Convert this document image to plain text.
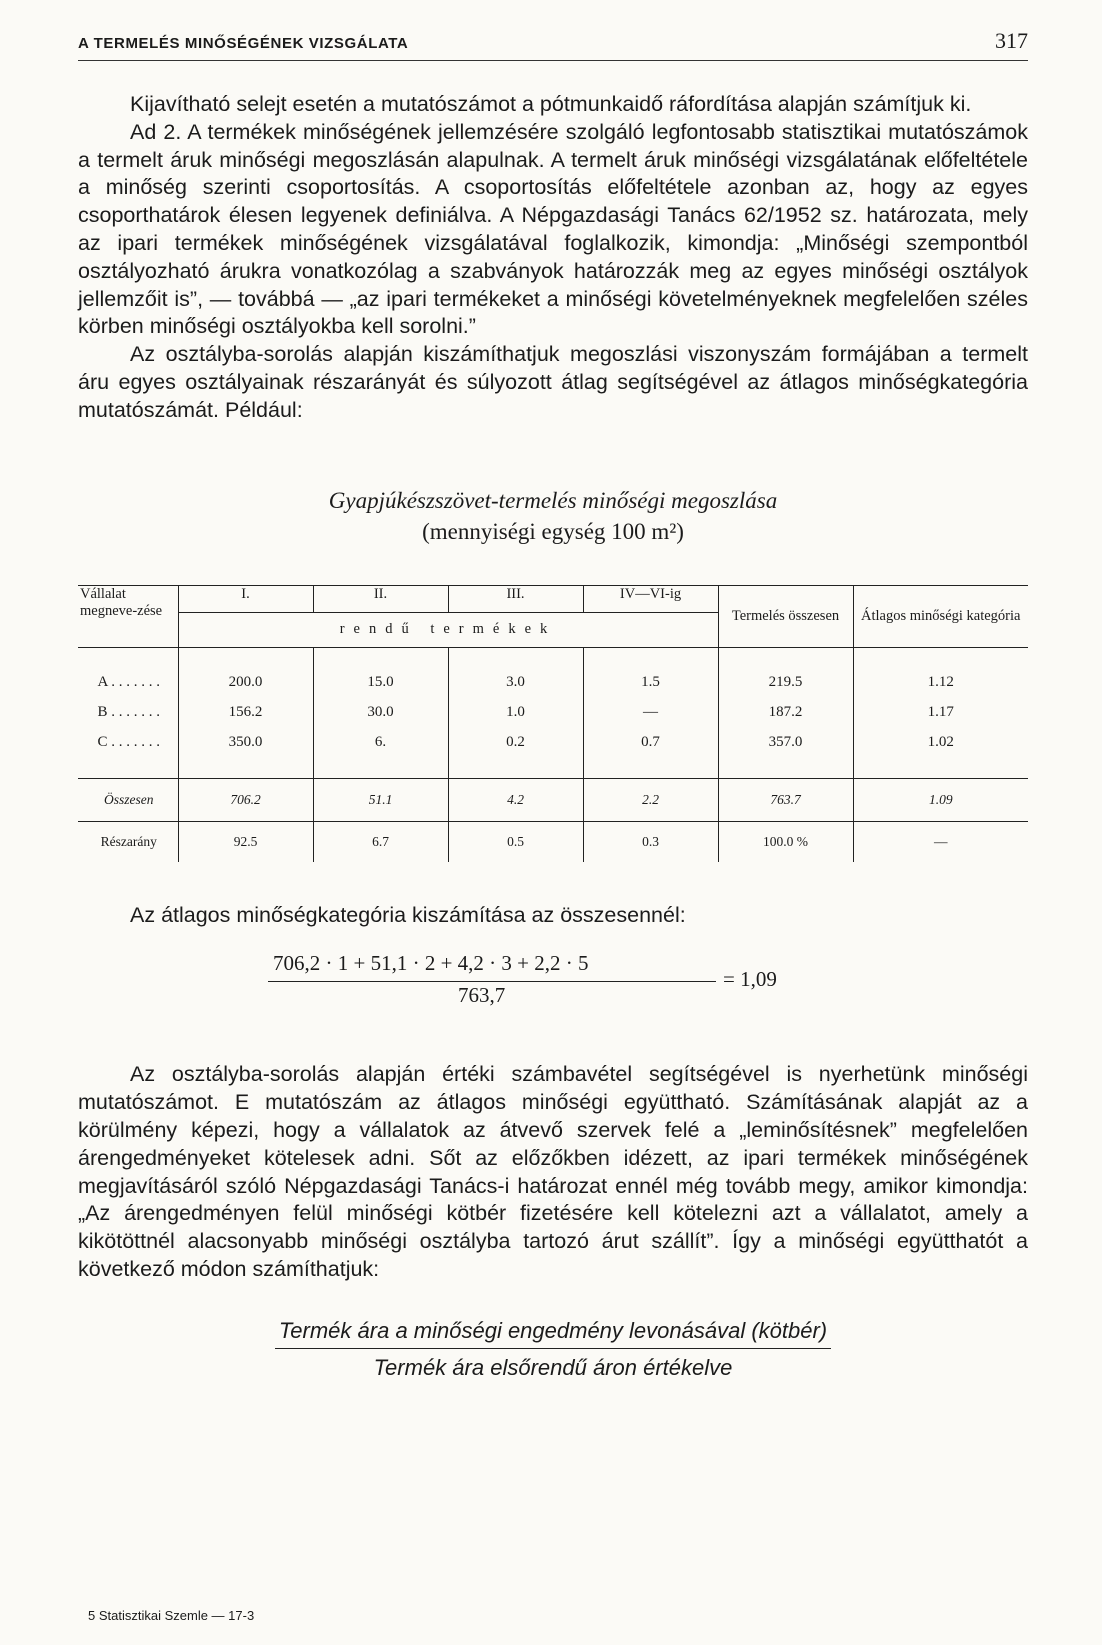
A TERMELÉS MINŐSÉGÉNEK VIZSGÁLATA	317

Kijavítható selejt esetén a mutatószámot a pótmunkaidő ráfordítása alapján számítjuk ki.

Ad 2. A termékek minőségének jellemzésére szolgáló legfontosabb statisztikai mutatószámok a termelt áruk minőségi megoszlásán alapulnak. A termelt áruk minőségi vizsgálatának előfeltétele a minőség szerinti csoportosítás. A csoportosítás előfeltétele azonban az, hogy az egyes csoporthatárok élesen legyenek definiálva. A Népgazdasági Tanács 62/1952 sz. határozata, mely az ipari termékek minőségének vizsgálatával foglalkozik, kimondja: „Minőségi szempontból osztályozható árukra vonatkozólag a szabványok határozzák meg az egyes minőségi osztályok jellemzőit is”, — továbbá — „az ipari termékeket a minőségi követelményeknek megfelelően széles körben minőségi osztályokba kell sorolni.”

Az osztályba-sorolás alapján kiszámíthatjuk megoszlási viszonyszám formájában a termelt áru egyes osztályainak részarányát és súlyozott átlag segítségével az átlagos minőségkategória mutatószámát. Például:

Gyapjúkészszövet-termelés minőségi megoszlása
(mennyiségi egység 100 m²)
Vállalat megneve-zése	I.	II.	III.	IV—VI-ig	Termelés összesen	Átlagos minőségi kategória
	rendű termékek					

A . . . . . . .	200.0	15.0	3.0	1.5	219.5	1.12
B . . . . . . .	156.2	30.0	1.0	—	187.2	1.17
C . . . . . . .	350.0	6.	0.2	0.7	357.0	1.02

Összesen	706.2	51.1	4.2	2.2	763.7	1.09
Részarány	92.5	6.7	0.5	0.3	100.0 %	—

Az átlagos minőségkategória kiszámítása az összesennél:

706,2 · 1 + 51,1 · 2 + 4,2 · 3 + 2,2 · 5
763,7
= 1,09

Az osztályba-sorolás alapján értéki számbavétel segítségével is nyerhetünk minőségi mutatószámot. E mutatószám az átlagos minőségi együttható. Számításának alapját az a körülmény képezi, hogy a vállalatok az átvevő szervek felé a „leminősítésnek” megfelelően árengedményeket kötelesek adni. Sőt az előzőkben idézett, az ipari termékek minőségének megjavításáról szóló Népgazdasági Tanács-i határozat ennél még tovább megy, amikor kimondja: „Az árengedményen felül minőségi kötbér fizetésére kell kötelezni azt a vállalatot, amely a kikötöttnél alacsonyabb minőségi osztályba tartozó árut szállít”. Így a minőségi együtthatót a következő módon számíthatjuk:

Termék ára a minőségi engedmény levonásával (kötbér)
Termék ára elsőrendű áron értékelve
5 Statisztikai Szemle — 17-3
